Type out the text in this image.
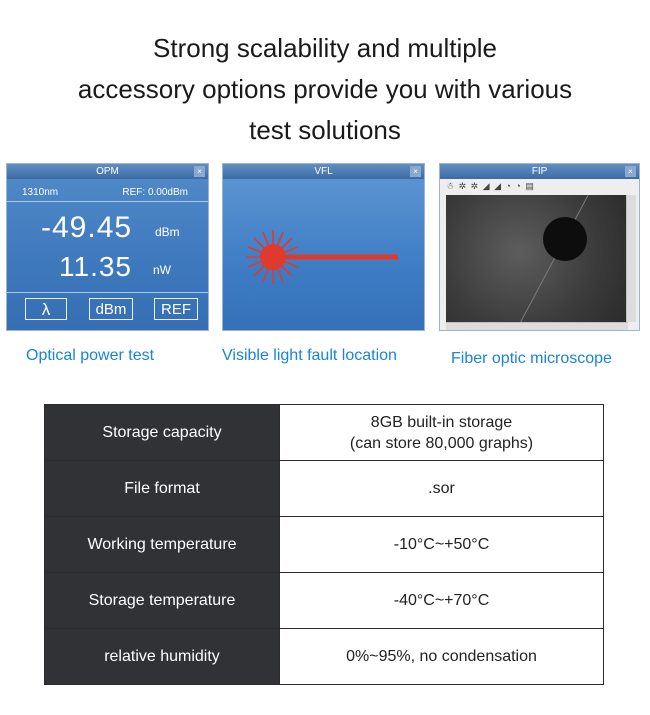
Strong scalability and multiple
accessory options provide you with various
test solutions
OPM	×
1310nm	REF: 0.00dBm
-49.45 dBm
11.35 nW
λ	dBm	REF
VFL	×	FIP	×
☃ ✲ ✲ ◢ ◢ ◔ ◔ ▤
Optical power test	Visible light fault location	Fiber optic microscope
Storage capacity	8GB built-in storage
(can store 80,000 graphs)

File format	.sor
Working temperature	-10°C~+50°C
Storage temperature	-40°C~+70°C
relative humidity	0%~95%, no condensation
